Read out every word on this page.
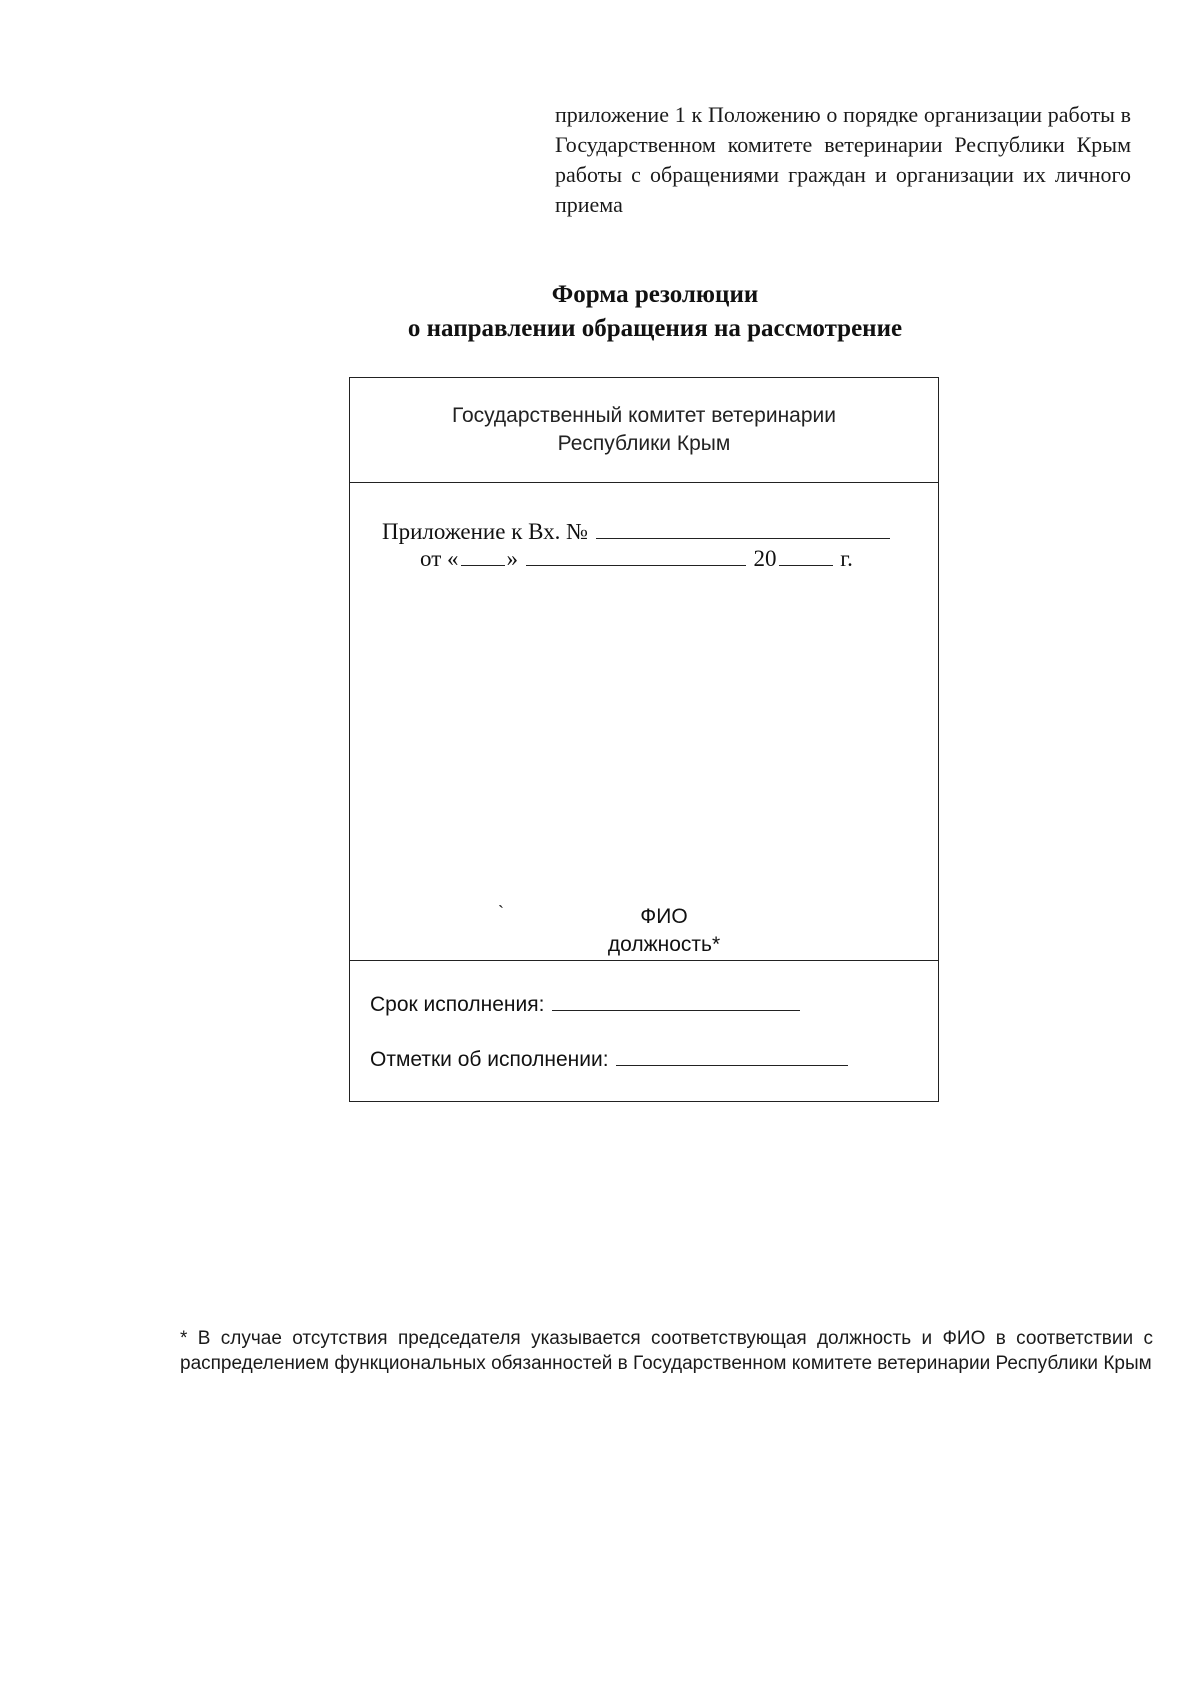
приложение 1 к Положению о порядке организации работы в Государственном комитете ветеринарии Республики Крым работы с обращениями граждан и организации их личного приема
Форма резолюции
о направлении обращения на рассмотрение
Государственный комитет ветеринарии
Республики Крым
Приложение к Вх. №
от « »	20	г.
`	ФИО
должность*
Срок исполнения:
Отметки об исполнении:
* В случае отсутствия председателя указывается соответствующая должность и ФИО в соответствии с распределением функциональных обязанностей в Государственном комитете ветеринарии Республики Крым
